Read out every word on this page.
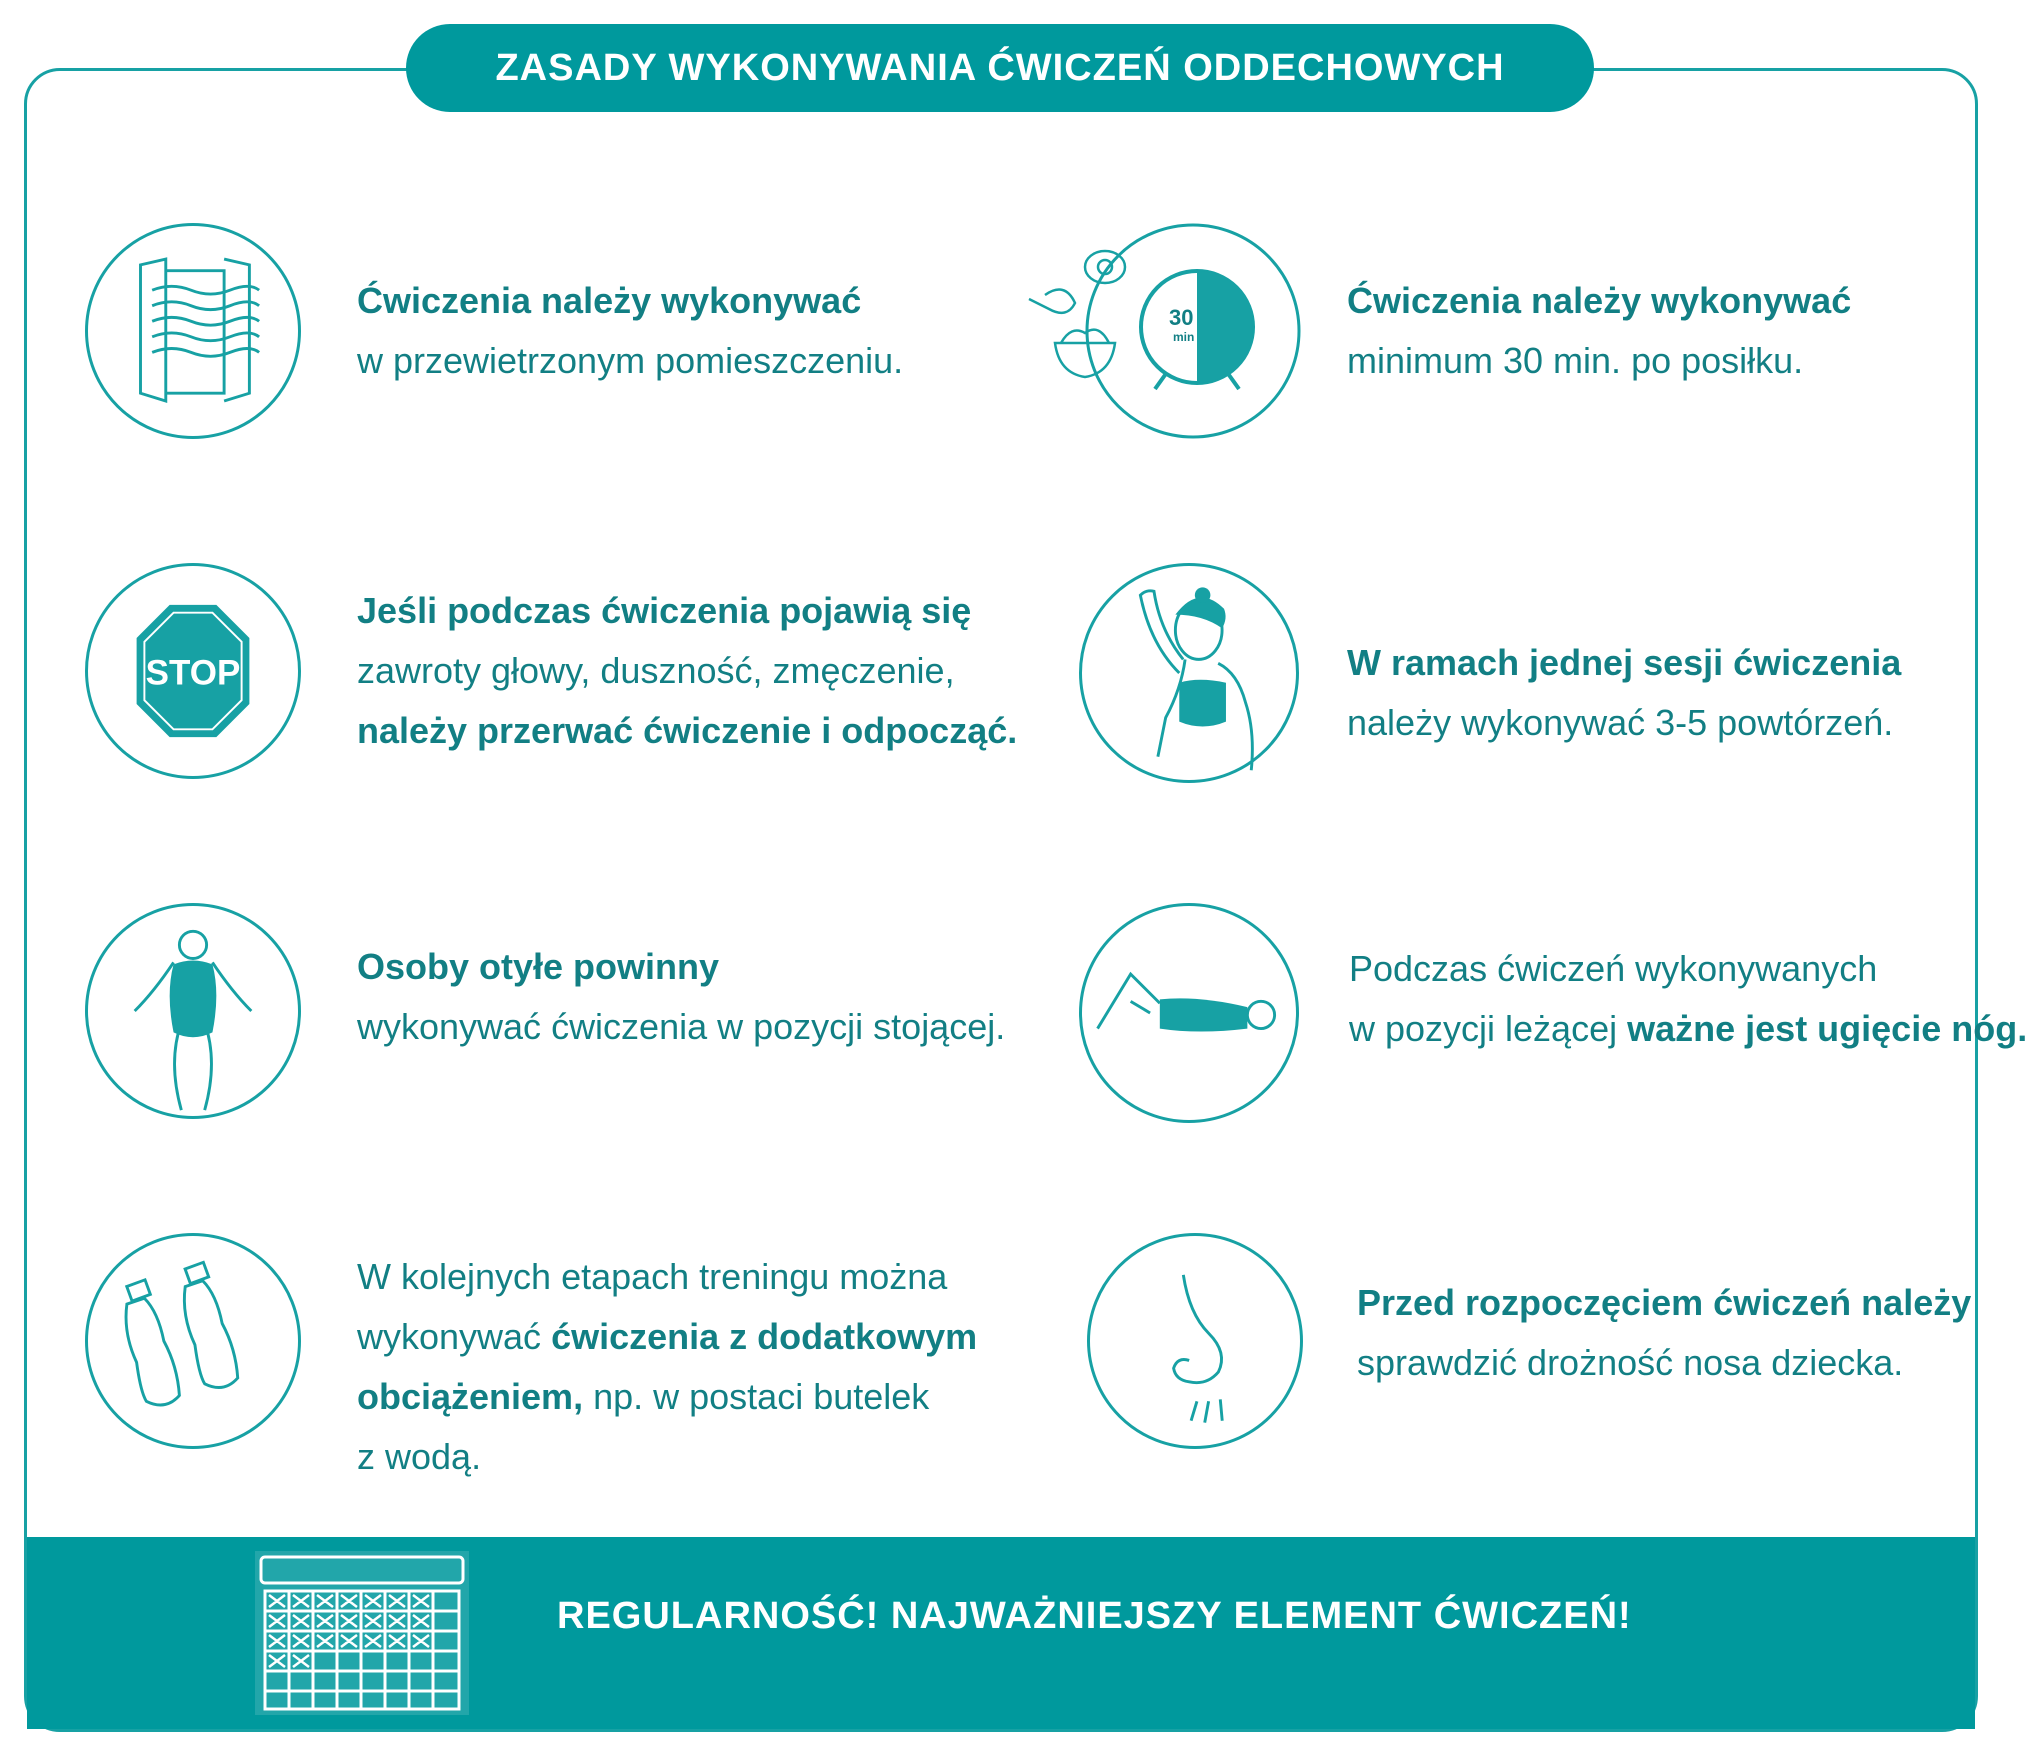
ZASADY WYKONYWANIA ĆWICZEŃ ODDECHOWYCH
Ćwiczenia należy wykonywać
w przewietrzonym pomieszczeniu.
30
min
Ćwiczenia należy wykonywać
minimum 30 min. po posiłku.
STOP
Jeśli podczas ćwiczenia pojawią się
zawroty głowy, duszność, zmęczenie,
należy przerwać ćwiczenie i odpocząć.
W ramach jednej sesji ćwiczenia
należy wykonywać 3-5 powtórzeń.
Osoby otyłe powinny
wykonywać ćwiczenia w pozycji stojącej.
Podczas ćwiczeń wykonywanych
w pozycji leżącej ważne jest ugięcie nóg.
W kolejnych etapach treningu można
wykonywać ćwiczenia z dodatkowym
obciążeniem, np. w postaci butelek
z wodą.
Przed rozpoczęciem ćwiczeń należy
sprawdzić drożność nosa dziecka.
REGULARNOŚĆ! NAJWAŻNIEJSZY ELEMENT ĆWICZEŃ!
